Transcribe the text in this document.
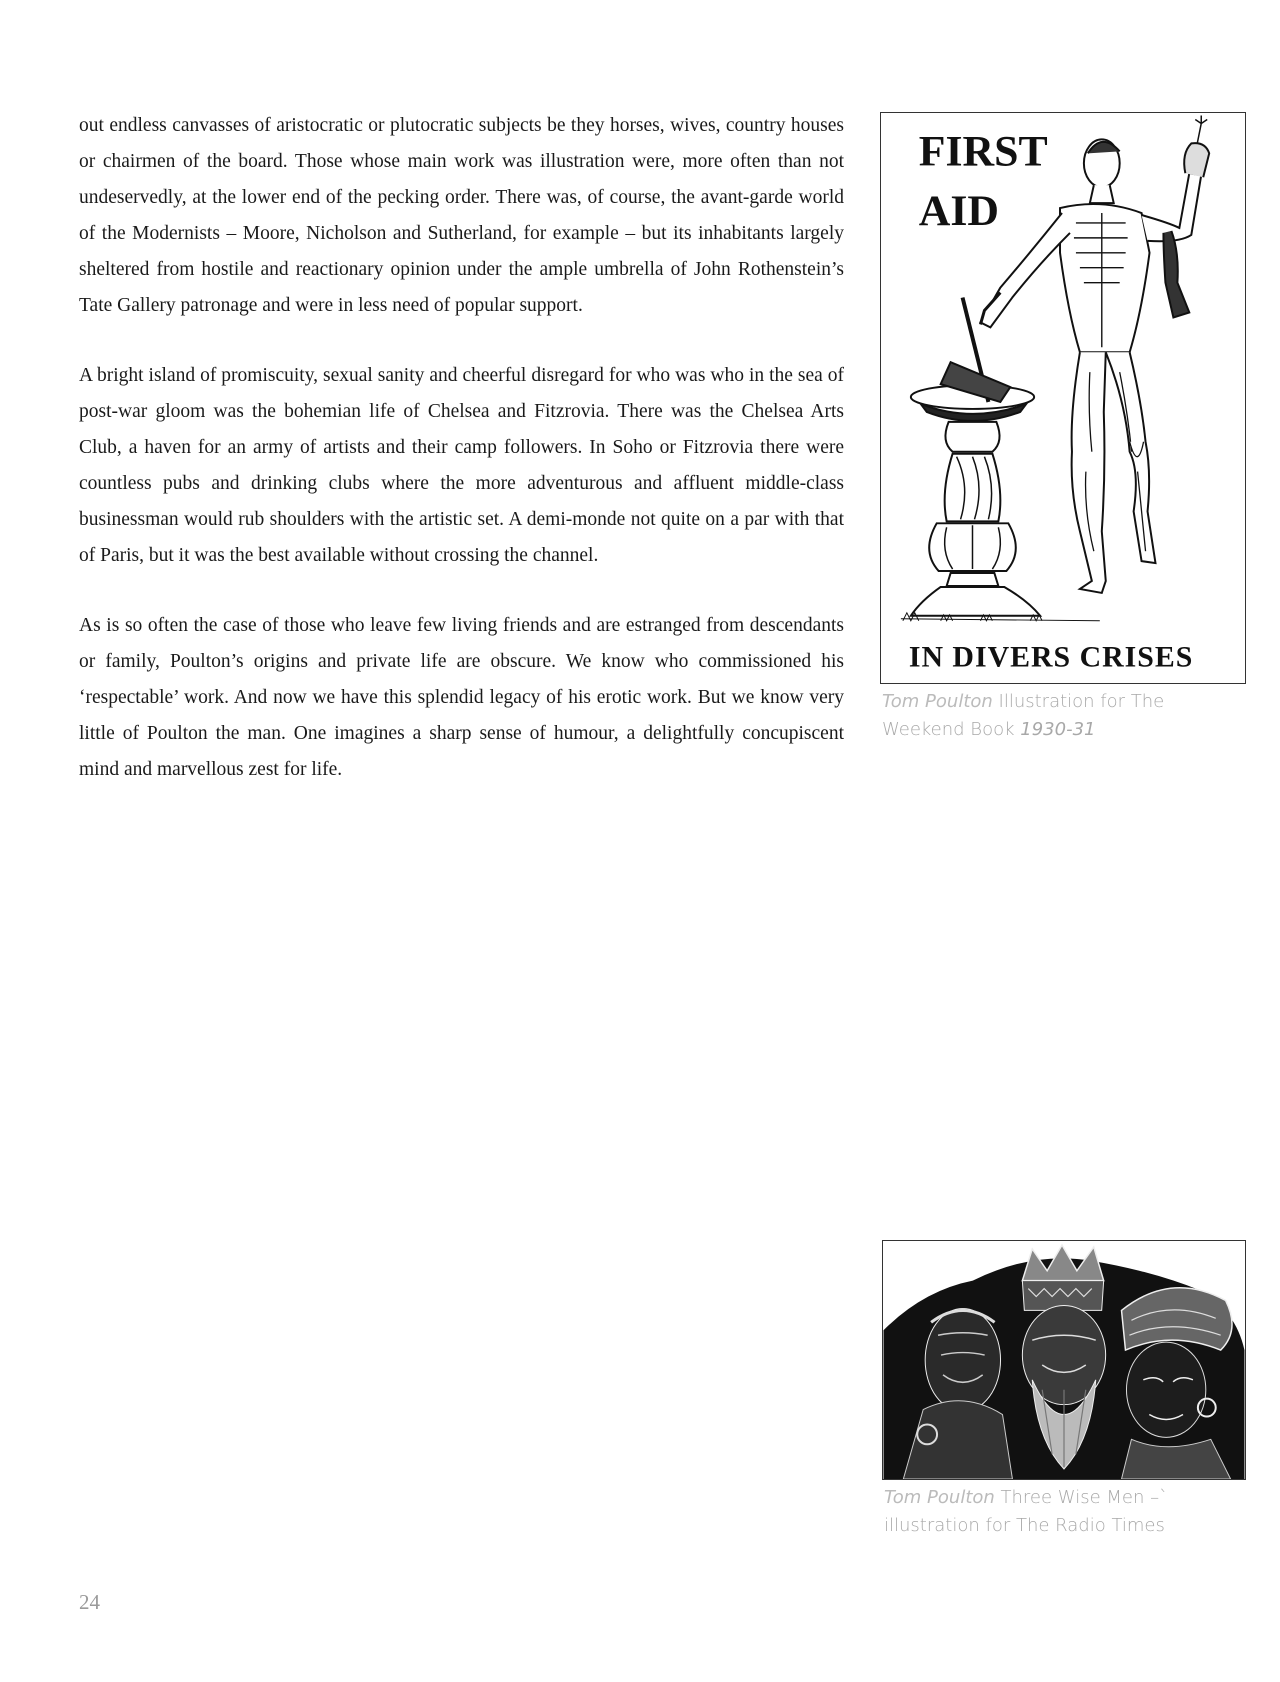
out endless canvasses of aristocratic or plutocratic subjects be they horses, wives, country houses or chairmen of the board. Those whose main work was illustration were, more often than not undeservedly, at the lower end of the pecking order. There was, of course, the avant-garde world of the Modernists – Moore, Nicholson and Sutherland, for example – but its inhabitants largely sheltered from hostile and reactionary opinion under the ample umbrella of John Rothenstein’s Tate Gallery patronage and were in less need of popular support.

A bright island of promiscuity, sexual sanity and cheerful disregard for who was who in the sea of post-war gloom was the bohemian life of Chelsea and Fitzrovia. There was the Chelsea Arts Club, a haven for an army of artists and their camp followers. In Soho or Fitzrovia there were countless pubs and drinking clubs where the more adventurous and affluent middle-class businessman would rub shoulders with the artistic set. A demi-monde not quite on a par with that of Paris, but it was the best available without crossing the channel.

As is so often the case of those who leave few living friends and are estranged from descendants or family, Poulton’s origins and private life are obscure. We know who commissioned his ‘respectable’ work. And now we have this splendid legacy of his erotic work. But we know very little of Poulton the man. One imagines a sharp sense of humour, a delightfully concupiscent mind and marvellous zest for life.

FIRST
AID
IN DIVERS CRISES
Tom Poulton Illustration for The Weekend Book 1930-31
Tom Poulton Three Wise Men –` illustration for The Radio Times
24
